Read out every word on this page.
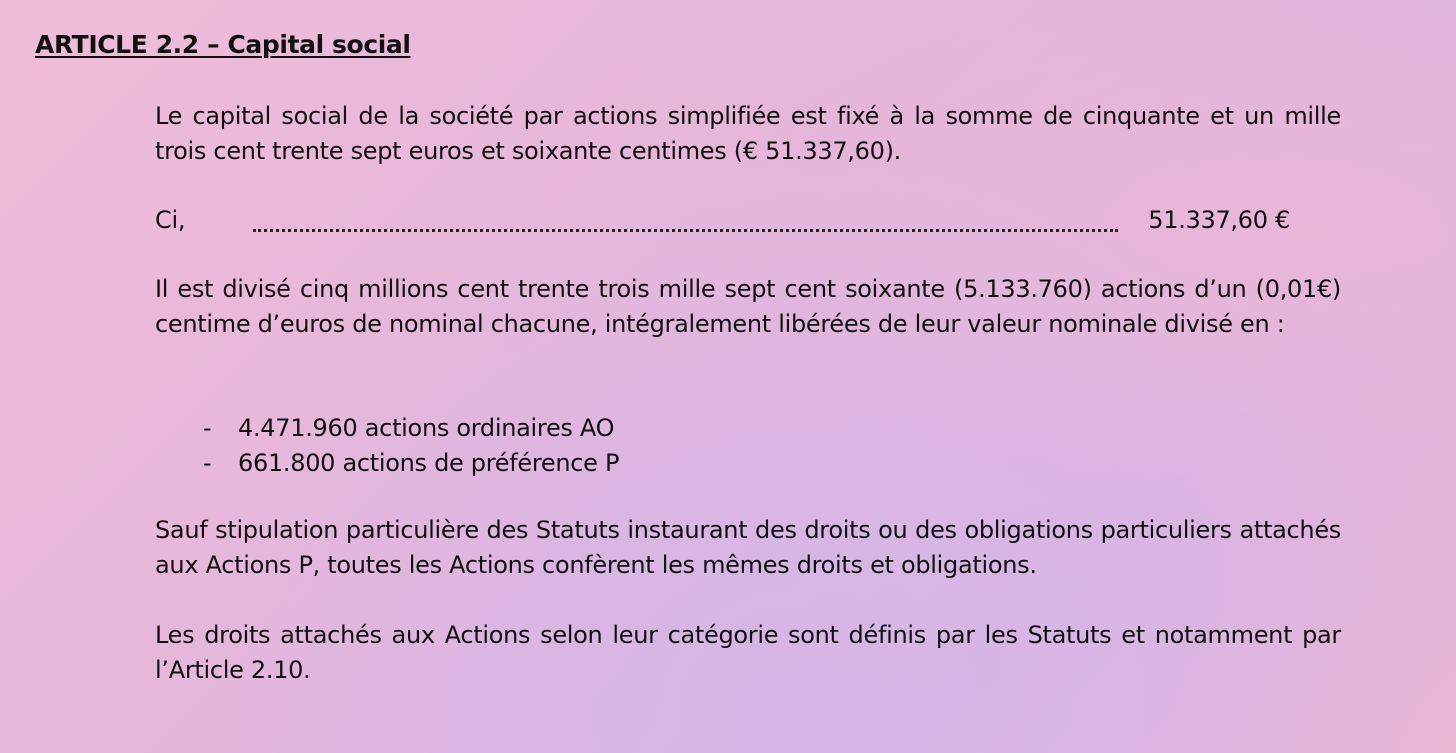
ARTICLE 2.2 – Capital social
Le capital social de la société par actions simplifiée est fixé à la somme de cinquante et un mille trois cent trente sept euros et soixante centimes (€ 51.337,60).
Ci,	51.337,60 €
Il est divisé cinq millions cent trente trois mille sept cent soixante (5.133.760) actions d’un (0,01€) centime d’euros de nominal chacune, intégralement libérées de leur valeur nominale divisé en :
- 4.471.960 actions ordinaires AO
- 661.800 actions de préférence P
Sauf stipulation particulière des Statuts instaurant des droits ou des obligations particuliers attachés aux Actions P, toutes les Actions confèrent les mêmes droits et obligations.
Les droits attachés aux Actions selon leur catégorie sont définis par les Statuts et notamment par l’Article 2.10.
